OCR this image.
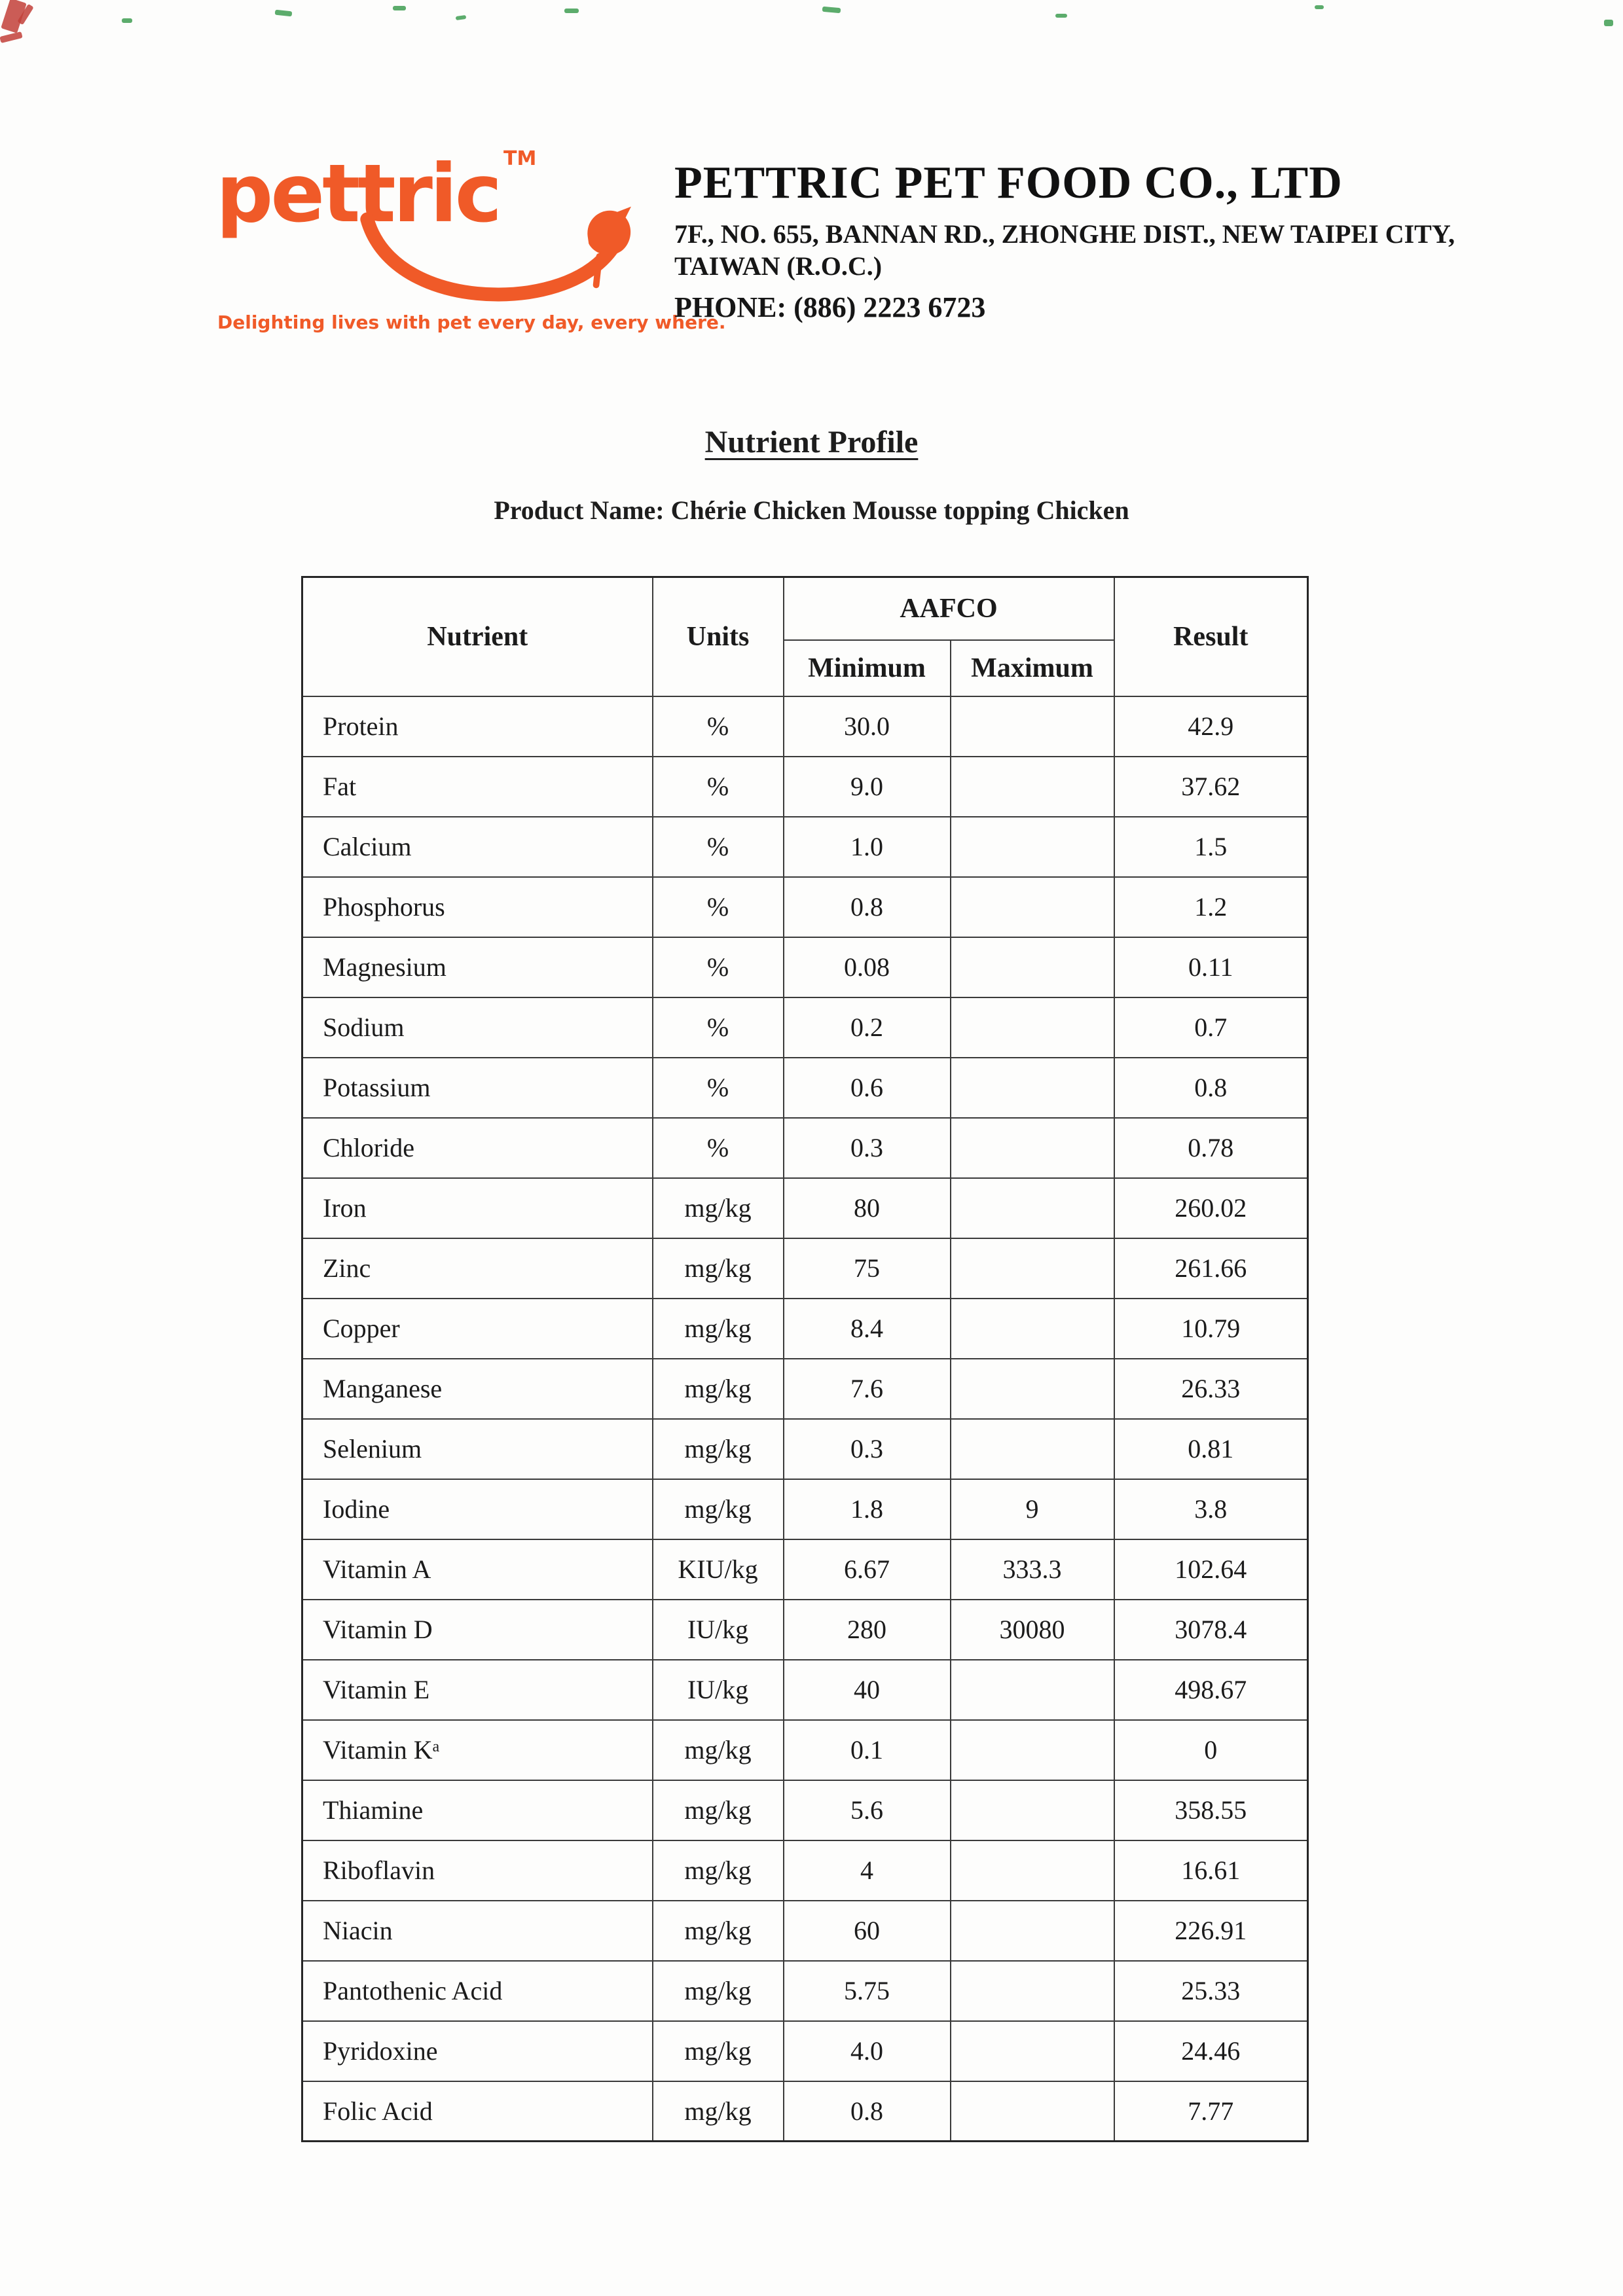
pettric ™
Delighting lives with pet every day, every where.
PETTRIC PET FOOD CO., LTD
7F., NO. 655, BANNAN RD., ZHONGHE DIST., NEW TAIPEI CITY,
TAIWAN (R.O.C.)
PHONE: (886) 2223 6723
Nutrient Profile
Product Name: Chérie Chicken Mousse topping Chicken
Nutrient	Units	AAFCO		Result
		Minimum	Maximum	
Protein	%	30.0		42.9
Fat	%	9.0		37.62
Calcium	%	1.0		1.5
Phosphorus	%	0.8		1.2
Magnesium	%	0.08		0.11
Sodium	%	0.2		0.7
Potassium	%	0.6		0.8
Chloride	%	0.3		0.78
Iron	mg/kg	80		260.02
Zinc	mg/kg	75		261.66
Copper	mg/kg	8.4		10.79
Manganese	mg/kg	7.6		26.33
Selenium	mg/kg	0.3		0.81
Iodine	mg/kg	1.8	9	3.8
Vitamin A	KIU/kg	6.67	333.3	102.64
Vitamin D	IU/kg	280	30080	3078.4
Vitamin E	IU/kg	40		498.67
Vitamin Kᵃ	mg/kg	0.1		0
Thiamine	mg/kg	5.6		358.55
Riboflavin	mg/kg	4		16.61
Niacin	mg/kg	60		226.91
Pantothenic Acid	mg/kg	5.75		25.33
Pyridoxine	mg/kg	4.0		24.46
Folic Acid	mg/kg	0.8		7.77
